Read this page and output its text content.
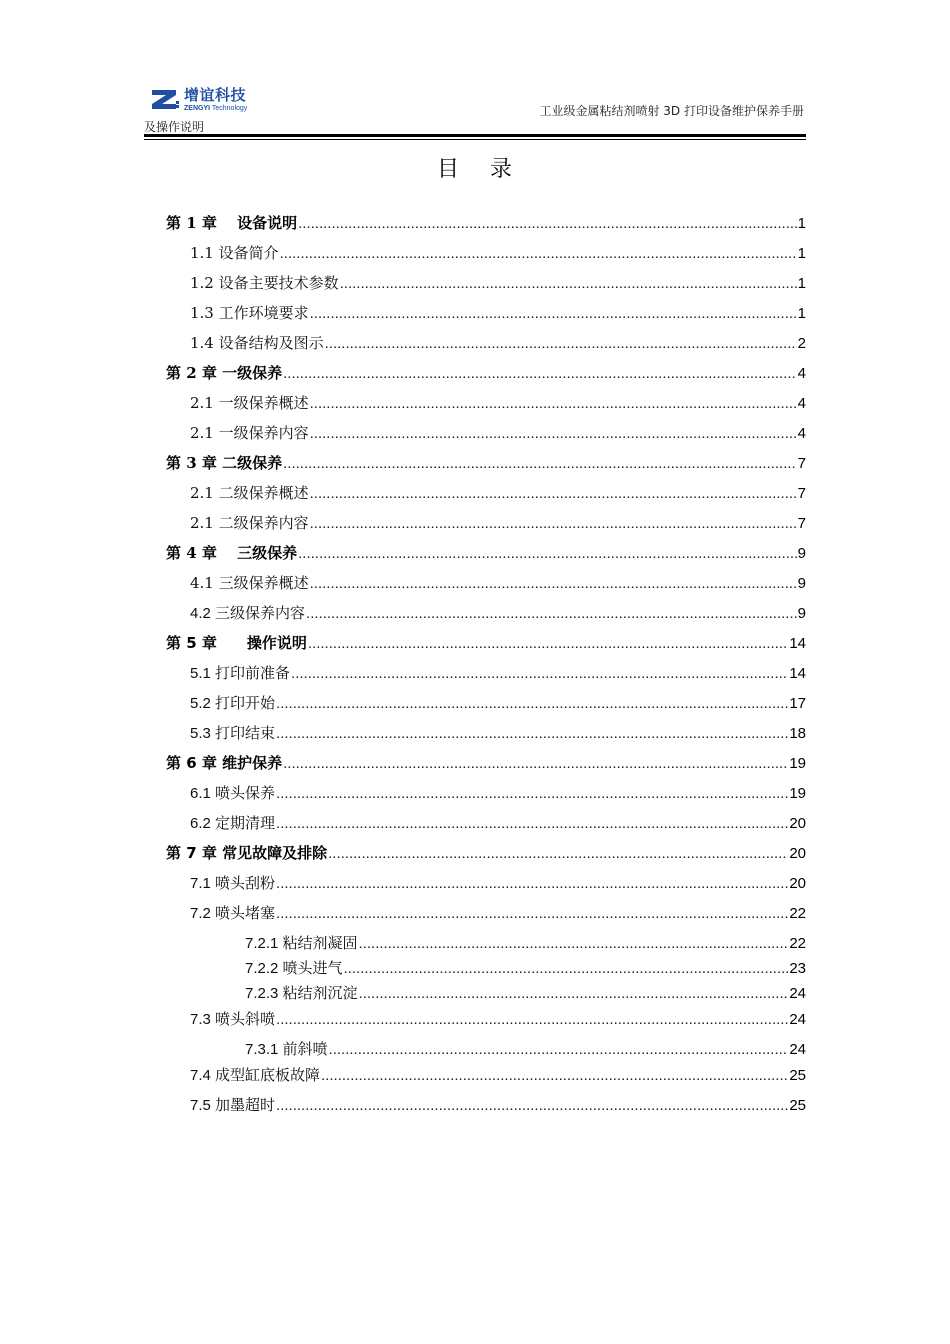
增谊科技
ZENGYI Technology
及操作说明
工业级金属粘结剂喷射 3D 打印设备维护保养手册
目 录
第 1 章　 设备说明 .....	1
1.1 设备简介 .....	1
1.2 设备主要技术参数 .....	1
1.3 工作环境要求 .....	1
1.4 设备结构及图示 .....	2
第 2 章 一级保养 .....	4
2.1 一级保养概述 .....	4
2.1 一级保养内容 .....	4
第 3 章 二级保养 .....	7
2.1 二级保养概述 .....	7
2.1 二级保养内容 .....	7
第 4 章　 三级保养 .....	9
4.1 三级保养概述 .....	9
4.2 三级保养内容 .....	9
第 5 章　　操作说明 .....	14
5.1 打印前准备 .....	14
5.2 打印开始 .....	17
5.3 打印结束 .....	18
第 6 章 维护保养 .....	19
6.1 喷头保养 .....	19
6.2 定期清理 .....	20
第 7 章 常见故障及排除 .....	20
7.1 喷头刮粉 .....	20
7.2 喷头堵塞 .....	22
7.2.1 粘结剂凝固 .....	22
7.2.2 喷头进气 .....	23
7.2.3 粘结剂沉淀 .....	24
7.3 喷头斜喷 .....	24
7.3.1 前斜喷 .....	24
7.4 成型缸底板故障 .....	25
7.5 加墨超时 .....	25
